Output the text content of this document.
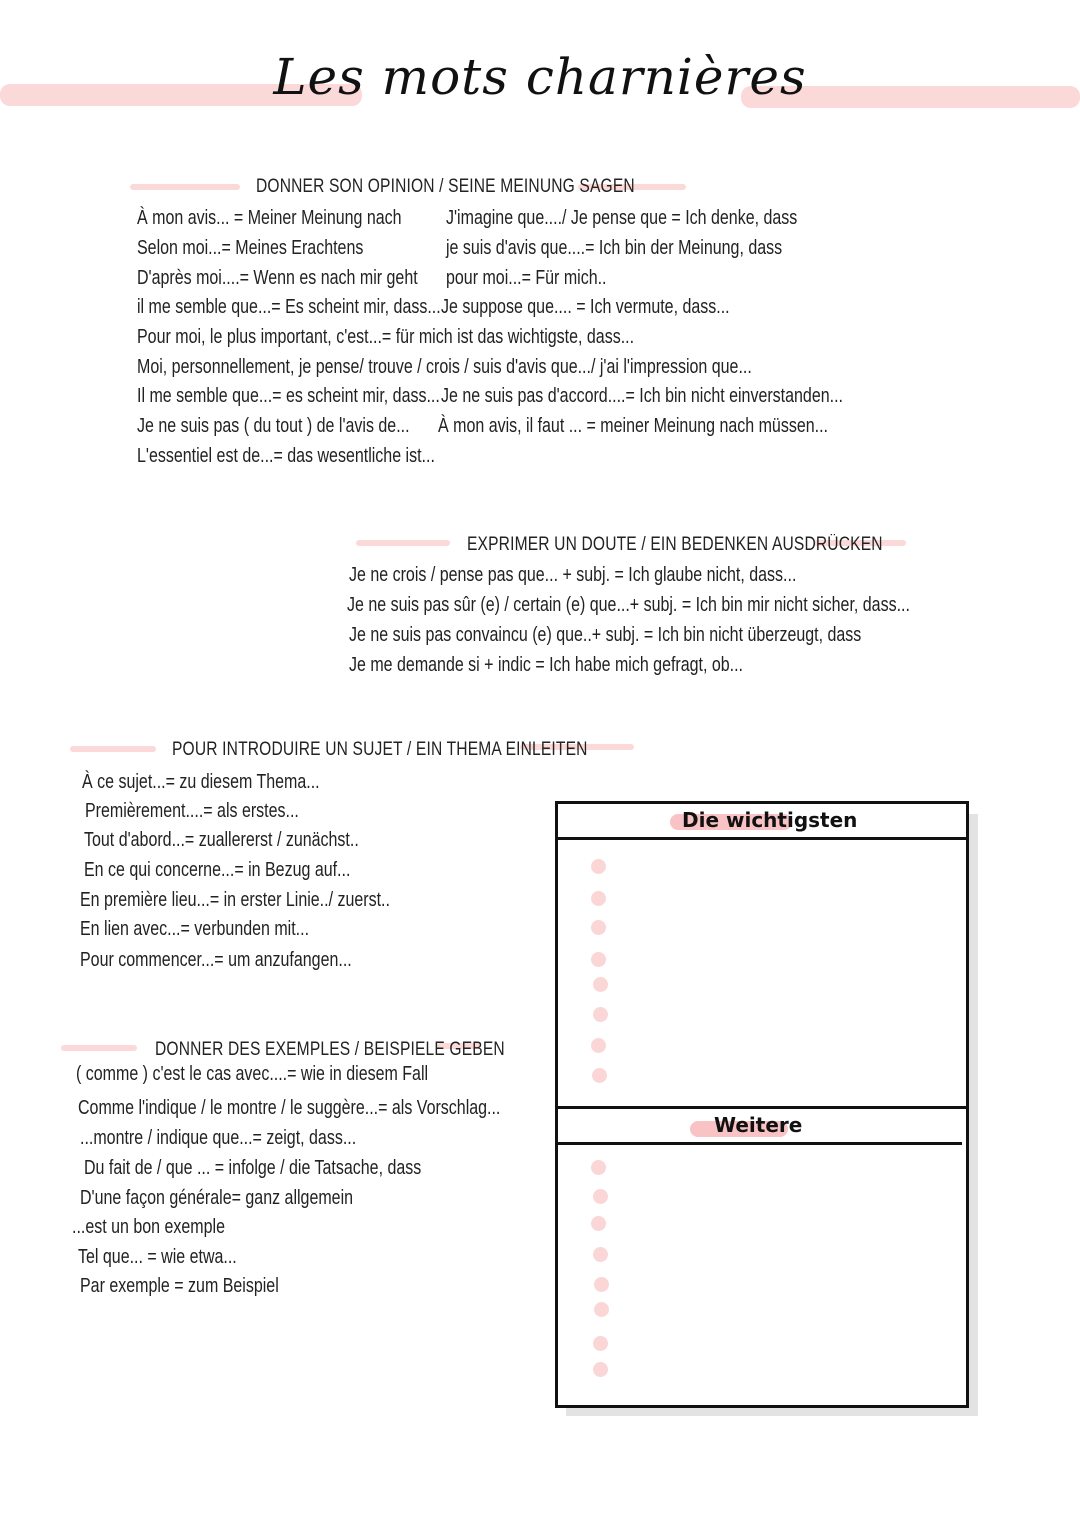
Les mots charnières
DONNER SON OPINION / SEINE MEINUNG SAGEN
À mon avis... = Meiner Meinung nach
Selon moi...= Meines Erachtens
D'après moi....= Wenn es nach mir geht
il me semble que...= Es scheint mir, dass...
J'imagine que..../ Je pense que = Ich denke, dass
je suis d'avis que....= Ich bin der Meinung, dass
pour moi...= Für mich..
Je suppose que.... = Ich vermute, dass...
Pour moi, le plus important, c'est...= für mich ist das wichtigste, dass...
Moi, personnellement, je pense/ trouve / crois / suis d'avis que.../ j'ai l'impression que...
Il me semble que...= es scheint mir, dass... Je ne suis pas d'accord....= Ich bin nicht einverstanden...
Je ne suis pas ( du tout ) de l'avis de... À mon avis, il faut ... = meiner Meinung nach müssen...
L'essentiel est de...= das wesentliche ist...
EXPRIMER UN DOUTE / EIN BEDENKEN AUSDRÜCKEN
Je ne crois / pense pas que... + subj. = Ich glaube nicht, dass...
Je ne suis pas sûr (e) / certain (e) que...+ subj. = Ich bin mir nicht sicher, dass...
Je ne suis pas convaincu (e) que..+ subj. = Ich bin nicht überzeugt, dass
Je me demande si + indic = Ich habe mich gefragt, ob...
POUR INTRODUIRE UN SUJET / EIN THEMA EINLEITEN
À ce sujet...= zu diesem Thema...
Premièrement....= als erstes...
Tout d'abord...= zuallererst / zunächst..
En ce qui concerne...= in Bezug auf...
En première lieu...= in erster Linie../ zuerst..
En lien avec...= verbunden mit...
Pour commencer...= um anzufangen...
DONNER DES EXEMPLES / BEISPIELE GEBEN
( comme ) c'est le cas avec....= wie in diesem Fall
Comme l'indique / le montre / le suggère...= als Vorschlag...
...montre / indique que...= zeigt, dass...
Du fait de / que ... = infolge / die Tatsache, dass
D'une façon générale= ganz allgemein
...est un bon exemple
Tel que... = wie etwa...
Par exemple = zum Beispiel
Die wichtigsten
Weitere
